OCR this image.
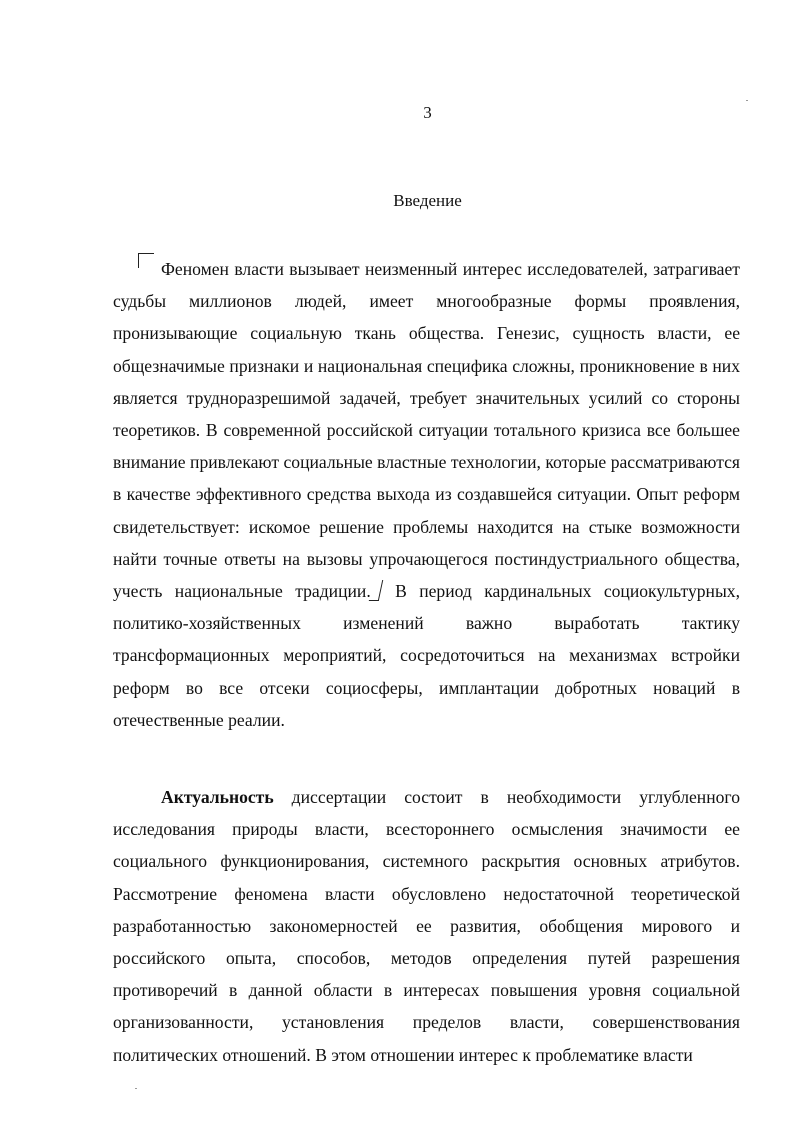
3
Введение

Феномен власти вызывает неизменный интерес исследователей, затрагивает судьбы миллионов людей, имеет многообразные формы проявления, пронизывающие социальную ткань общества. Генезис, сущность власти, ее общезначимые признаки и национальная специфика сложны, проникновение в них является трудноразрешимой задачей, требует значительных усилий со стороны теоретиков. В современной российской ситуации тотального кризиса все большее внимание привлекают социальные властные технологии, которые рассматриваются в качестве эффективного средства выхода из создавшейся ситуации. Опыт реформ свидетельствует: искомое решение проблемы находится на стыке возможности найти точные ответы на вызовы упрочающегося постиндустриального общества, учесть национальные традиции. В период кардинальных социокультурных, политико-хозяйственных изменений важно выработать тактику трансформационных мероприятий, сосредоточиться на механизмах встройки реформ во все отсеки социосферы, имплантации добротных новаций в отечественные реалии.

Актуальность диссертации состоит в необходимости углубленного исследования природы власти, всестороннего осмысления значимости ее социального функционирования, системного раскрытия основных атрибутов. Рассмотрение феномена власти обусловлено недостаточной теоретической разработанностью закономерностей ее развития, обобщения мирового и российского опыта, способов, методов определения путей разрешения противоречий в данной области в интересах повышения уровня социальной организованности, установления пределов власти, совершенствования политических отношений. В этом отношении интерес к проблематике власти
